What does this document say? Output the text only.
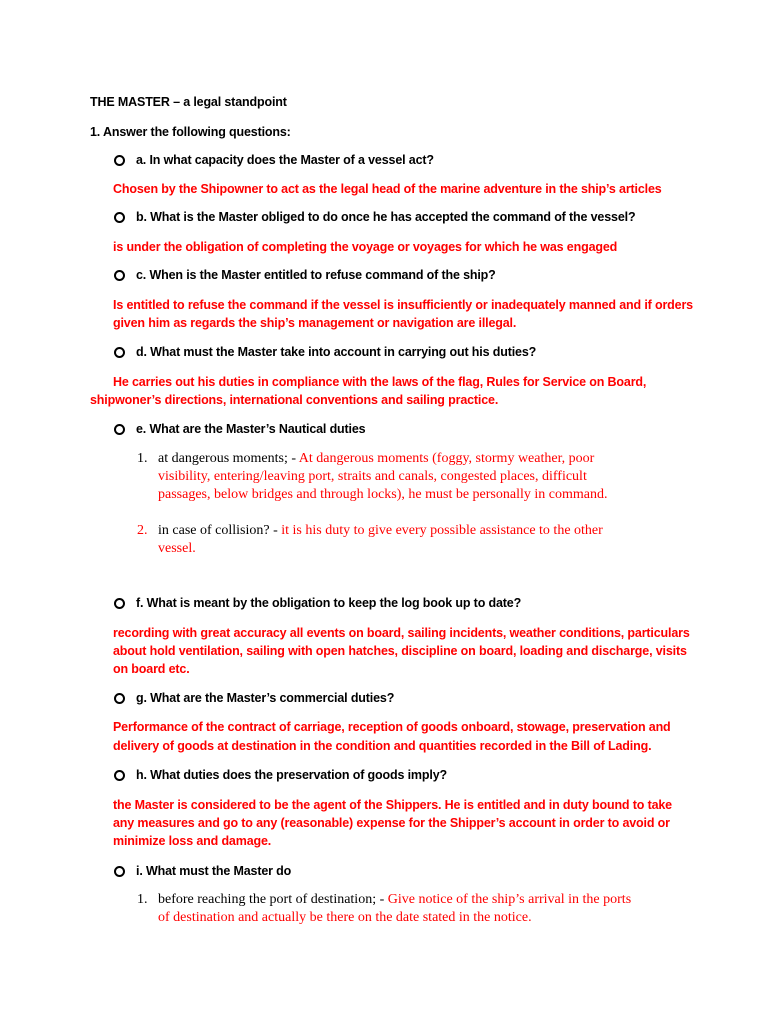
THE MASTER – a legal standpoint
1. Answer the following questions:
a. In what capacity does the Master of a vessel act?
Chosen by the Shipowner to act as the legal head of the marine adventure in the ship’s articles
b. What is the Master obliged to do once he has accepted the command of the vessel?
is under the obligation of completing the voyage or voyages for which he was engaged
c. When is the Master entitled to refuse command of the ship?
Is entitled to refuse the command if the vessel is insufficiently or inadequately manned and if orders
given him as regards the ship’s management or navigation are illegal.
d. What must the Master take into account in carrying out his duties?
He carries out his duties in compliance with the laws of the flag, Rules for Service on Board,
shipwoner’s directions, international conventions and sailing practice.
e. What are the Master’s Nautical duties
1. at dangerous moments; - At dangerous moments (foggy, stormy weather, poor
visibility, entering/leaving port, straits and canals, congested places, difficult
passages, below bridges and through locks), he must be personally in command.
2. in case of collision? - it is his duty to give every possible assistance to the other
vessel.
f. What is meant by the obligation to keep the log book up to date?
recording with great accuracy all events on board, sailing incidents, weather conditions, particulars
about hold ventilation, sailing with open hatches, discipline on board, loading and discharge, visits
on board etc.
g. What are the Master’s commercial duties?
Performance of the contract of carriage, reception of goods onboard, stowage, preservation and
delivery of goods at destination in the condition and quantities recorded in the Bill of Lading.
h. What duties does the preservation of goods imply?
the Master is considered to be the agent of the Shippers. He is entitled and in duty bound to take
any measures and go to any (reasonable) expense for the Shipper’s account in order to avoid or
minimize loss and damage.
i. What must the Master do
1. before reaching the port of destination; - Give notice of the ship’s arrival in the ports
of destination and actually be there on the date stated in the notice.
